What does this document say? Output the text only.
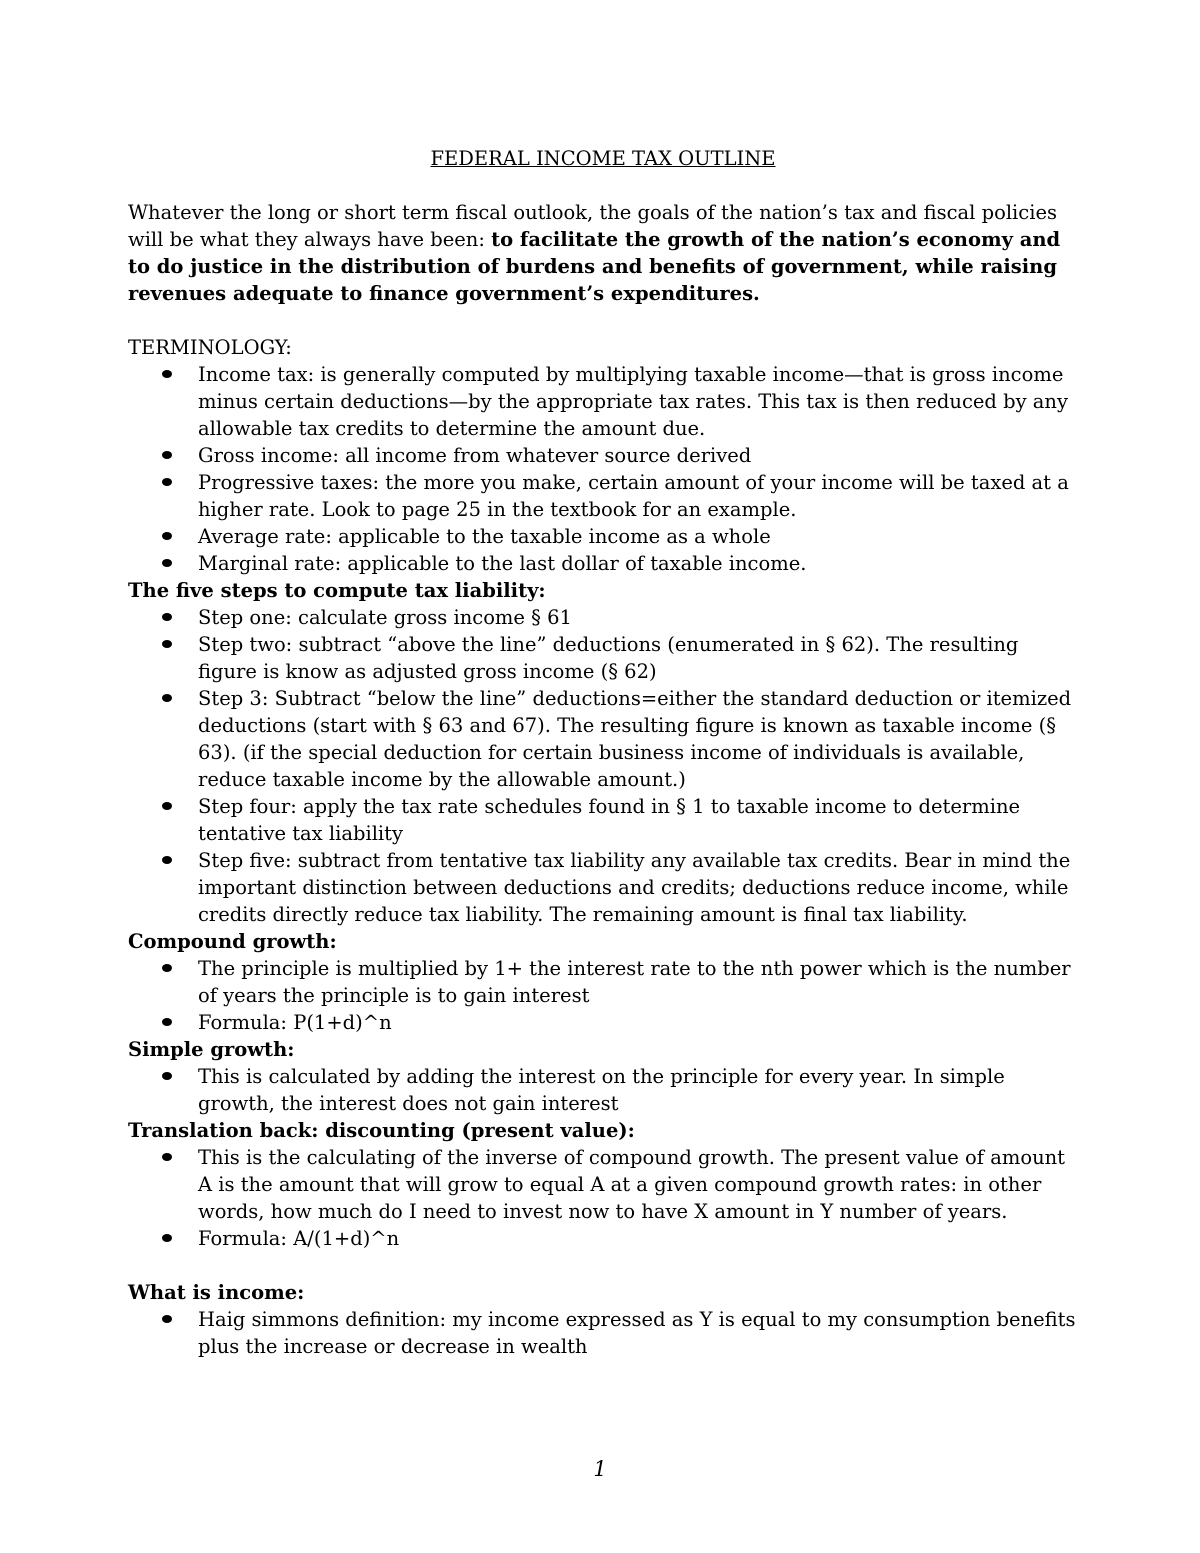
FEDERAL INCOME TAX OUTLINE

Whatever the long or short term fiscal outlook, the goals of the nation’s tax and fiscal policies will be what they always have been: to facilitate the growth of the nation’s economy and to do justice in the distribution of burdens and benefits of government, while raising revenues adequate to finance government’s expenditures.

TERMINOLOGY:

Income tax: is generally computed by multiplying taxable income—that is gross income minus certain deductions—by the appropriate tax rates. This tax is then reduced by any allowable tax credits to determine the amount due.
Gross income: all income from whatever source derived
Progressive taxes: the more you make, certain amount of your income will be taxed at a higher rate. Look to page 25 in the textbook for an example.
Average rate: applicable to the taxable income as a whole
Marginal rate: applicable to the last dollar of taxable income.

The five steps to compute tax liability:

Step one: calculate gross income § 61
Step two: subtract “above the line” deductions (enumerated in § 62). The resulting figure is know as adjusted gross income (§ 62)
Step 3: Subtract “below the line” deductions=either the standard deduction or itemized deductions (start with § 63 and 67). The resulting figure is known as taxable income (§ 63). (if the special deduction for certain business income of individuals is available, reduce taxable income by the allowable amount.)
Step four: apply the tax rate schedules found in § 1 to taxable income to determine tentative tax liability
Step five: subtract from tentative tax liability any available tax credits. Bear in mind the important distinction between deductions and credits; deductions reduce income, while credits directly reduce tax liability. The remaining amount is final tax liability.

Compound growth:

The principle is multiplied by 1+ the interest rate to the nth power which is the number of years the principle is to gain interest
Formula: P(1+d)^n

Simple growth:

This is calculated by adding the interest on the principle for every year. In simple growth, the interest does not gain interest

Translation back: discounting (present value):

This is the calculating of the inverse of compound growth. The present value of amount A is the amount that will grow to equal A at a given compound growth rates: in other words, how much do I need to invest now to have X amount in Y number of years.
Formula: A/(1+d)^n

What is income:

Haig simmons definition: my income expressed as Y is equal to my consumption benefits plus the increase or decrease in wealth
1
